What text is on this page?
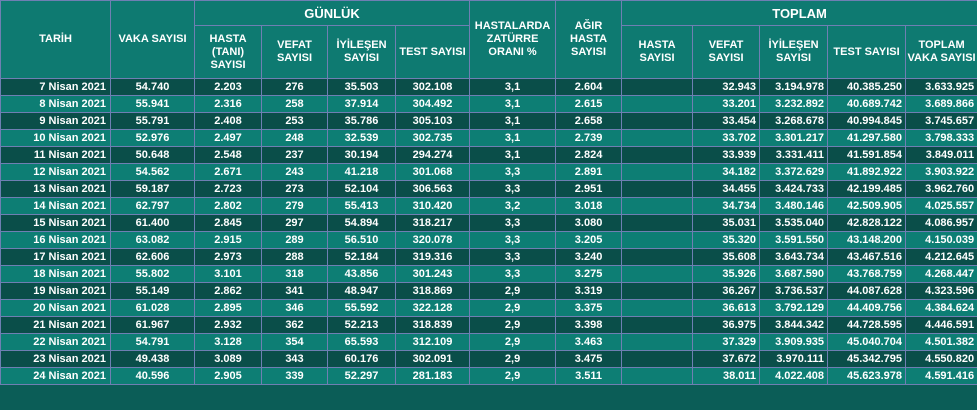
TARİH	VAKA SAYISI	GÜNLÜK				HASTALARDA ZATÜRRE ORANI %	AĞIR HASTA SAYISI	TOPLAM				
		HASTA (TANI) SAYISI	VEFAT SAYISI	İYİLEŞEN SAYISI	TEST SAYISI			HASTA SAYISI	VEFAT SAYISI	İYİLEŞEN SAYISI	TEST SAYISI	TOPLAM VAKA SAYISI
7 Nisan 2021	54.740	2.203	276	35.503	302.108	3,1	2.604		32.943	3.194.978	40.385.250	3.633.925
8 Nisan 2021	55.941	2.316	258	37.914	304.492	3,1	2.615		33.201	3.232.892	40.689.742	3.689.866
9 Nisan 2021	55.791	2.408	253	35.786	305.103	3,1	2.658		33.454	3.268.678	40.994.845	3.745.657
10 Nisan 2021	52.976	2.497	248	32.539	302.735	3,1	2.739		33.702	3.301.217	41.297.580	3.798.333
11 Nisan 2021	50.648	2.548	237	30.194	294.274	3,1	2.824		33.939	3.331.411	41.591.854	3.849.011
12 Nisan 2021	54.562	2.671	243	41.218	301.068	3,3	2.891		34.182	3.372.629	41.892.922	3.903.922
13 Nisan 2021	59.187	2.723	273	52.104	306.563	3,3	2.951		34.455	3.424.733	42.199.485	3.962.760
14 Nisan 2021	62.797	2.802	279	55.413	310.420	3,2	3.018		34.734	3.480.146	42.509.905	4.025.557
15 Nisan 2021	61.400	2.845	297	54.894	318.217	3,3	3.080		35.031	3.535.040	42.828.122	4.086.957
16 Nisan 2021	63.082	2.915	289	56.510	320.078	3,3	3.205		35.320	3.591.550	43.148.200	4.150.039
17 Nisan 2021	62.606	2.973	288	52.184	319.316	3,3	3.240		35.608	3.643.734	43.467.516	4.212.645
18 Nisan 2021	55.802	3.101	318	43.856	301.243	3,3	3.275		35.926	3.687.590	43.768.759	4.268.447
19 Nisan 2021	55.149	2.862	341	48.947	318.869	2,9	3.319		36.267	3.736.537	44.087.628	4.323.596
20 Nisan 2021	61.028	2.895	346	55.592	322.128	2,9	3.375		36.613	3.792.129	44.409.756	4.384.624
21 Nisan 2021	61.967	2.932	362	52.213	318.839	2,9	3.398		36.975	3.844.342	44.728.595	4.446.591
22 Nisan 2021	54.791	3.128	354	65.593	312.109	2,9	3.463		37.329	3.909.935	45.040.704	4.501.382
23 Nisan 2021	49.438	3.089	343	60.176	302.091	2,9	3.475		37.672	3.970.111	45.342.795	4.550.820
24 Nisan 2021	40.596	2.905	339	52.297	281.183	2,9	3.511		38.011	4.022.408	45.623.978	4.591.416
